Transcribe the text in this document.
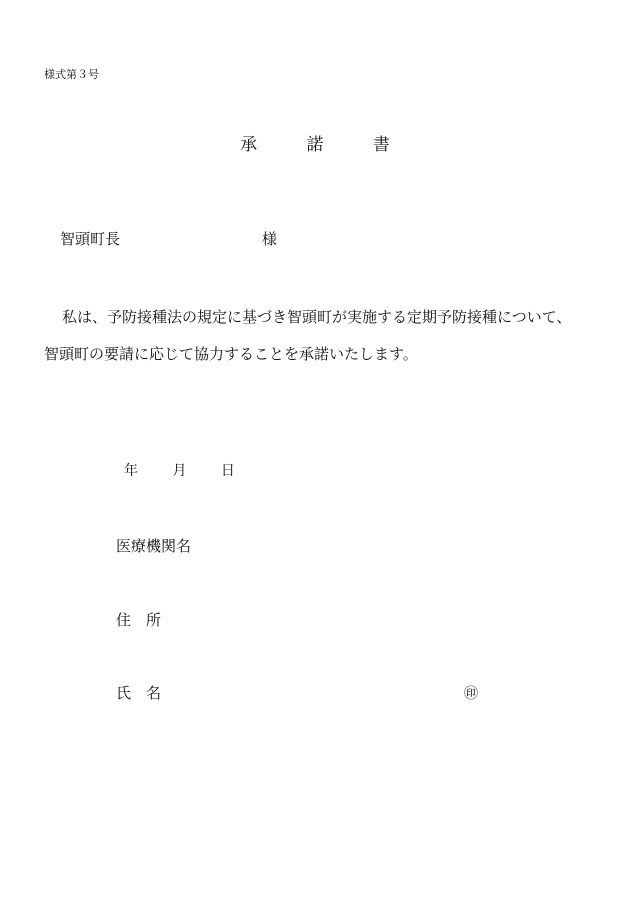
様式第３号
承	諾	書
智頭町長	様
私は、予防接種法の規定に基づき智頭町が実施する定期予防接種について、
智頭町の要請に応じて協力することを承諾いたします。
年 月 日
医療機関名
住　所
氏　名	㊞
